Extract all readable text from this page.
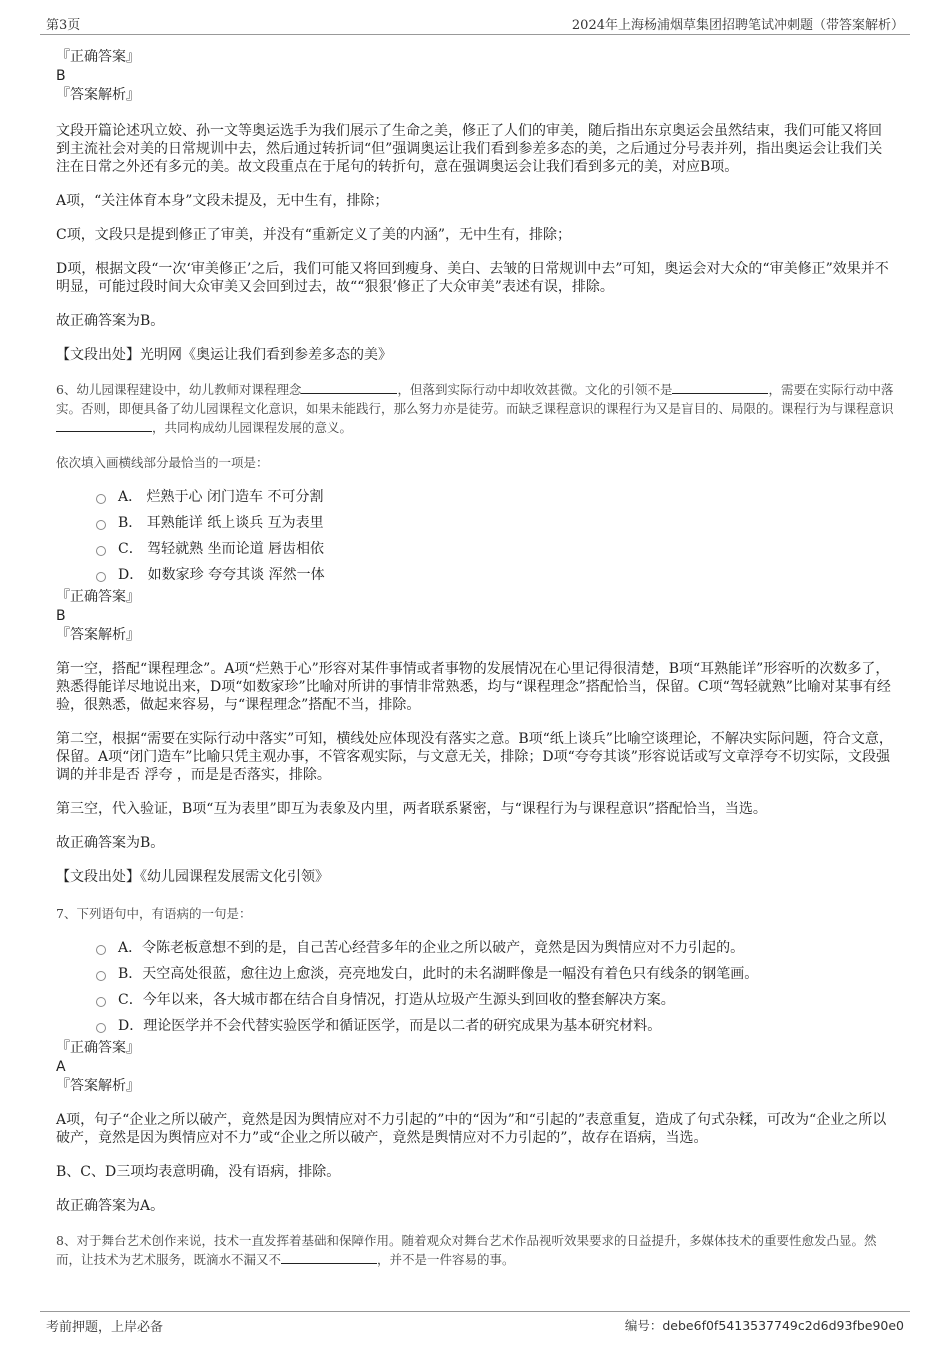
第3页	2024年上海杨浦烟草集团招聘笔试冲刺题（带答案解析）
『正确答案』
B
『答案解析』

文段开篇论述巩立姣、孙一文等奥运选手为我们展示了生命之美，修正了人们的审美，随后指出东京奥运会虽然结束，我们可能又将回到主流社会对美的日常规训中去，然后通过转折词“但”强调奥运让我们看到参差多态的美，之后通过分号表并列，指出奥运会让我们关注在日常之外还有多元的美。故文段重点在于尾句的转折句，意在强调奥运会让我们看到多元的美，对应B项。

A项，“关注体育本身”文段未提及，无中生有，排除；

C项，文段只是提到修正了审美，并没有“重新定义了美的内涵”，无中生有，排除；

D项，根据文段“一次‘审美修正’之后，我们可能又将回到瘦身、美白、去皱的日常规训中去”可知，奥运会对大众的“审美修正”效果并不明显，可能过段时间大众审美又会回到过去，故““狠狠’修正了大众审美”表述有误，排除。

故正确答案为B。

【文段出处】光明网《奥运让我们看到参差多态的美》

6、幼儿园课程建设中，幼儿教师对课程理念	，但落到实际行动中却收效甚微。文化的引领不是	，需要在实际行动中落实。否则，即便具备了幼儿园课程文化意识，如果未能践行，那么努力亦是徒劳。而缺乏课程意识的课程行为又是盲目的、局限的。课程行为与课程意识，共同构成幼儿园课程发展的意义。

依次填入画横线部分最恰当的一项是：

A． 烂熟于心 闭门造车 不可分割
B． 耳熟能详 纸上谈兵 互为表里
C． 驾轻就熟 坐而论道 唇齿相依
D． 如数家珍 夸夸其谈 浑然一体
『正确答案』
B
『答案解析』

第一空，搭配“课程理念”。A项“烂熟于心”形容对某件事情或者事物的发展情况在心里记得很清楚，B项“耳熟能详”形容听的次数多了，熟悉得能详尽地说出来，D项“如数家珍”比喻对所讲的事情非常熟悉，均与“课程理念”搭配恰当，保留。C项“驾轻就熟”比喻对某事有经验，很熟悉，做起来容易，与“课程理念”搭配不当，排除。

第二空，根据“需要在实际行动中落实”可知，横线处应体现没有落实之意。B项“纸上谈兵”比喻空谈理论，不解决实际问题，符合文意，保留。A项“闭门造车”比喻只凭主观办事，不管客观实际，与文意无关，排除；D项“夸夸其谈”形容说话或写文章浮夸不切实际，文段强调的并非是否 浮夸 ，而是是否落实，排除。

第三空，代入验证，B项“互为表里”即互为表象及内里，两者联系紧密，与“课程行为与课程意识”搭配恰当，当选。

故正确答案为B。

【文段出处】《幼儿园课程发展需文化引领》

7、下列语句中，有语病的一句是：

A．令陈老板意想不到的是，自己苦心经营多年的企业之所以破产，竟然是因为舆情应对不力引起的。
B．天空高处很蓝，愈往边上愈淡，亮亮地发白，此时的未名湖畔像是一幅没有着色只有线条的钢笔画。
C．今年以来，各大城市都在结合自身情况，打造从垃圾产生源头到回收的整套解决方案。
D．理论医学并不会代替实验医学和循证医学，而是以二者的研究成果为基本研究材料。
『正确答案』
A
『答案解析』

A项，句子“企业之所以破产，竟然是因为舆情应对不力引起的”中的“因为”和“引起的”表意重复，造成了句式杂糅，可改为“企业之所以破产，竟然是因为舆情应对不力”或“企业之所以破产，竟然是舆情应对不力引起的”，故存在语病，当选。

B、C、D三项均表意明确，没有语病，排除。

故正确答案为A。

8、对于舞台艺术创作来说，技术一直发挥着基础和保障作用。随着观众对舞台艺术作品视听效果要求的日益提升，多媒体技术的重要性愈发凸显。然而，让技术为艺术服务，既滴水不漏又不	，并不是一件容易的事。

考前押题，上岸必备	编号：debe6f0f5413537749c2d6d93fbe90e0
